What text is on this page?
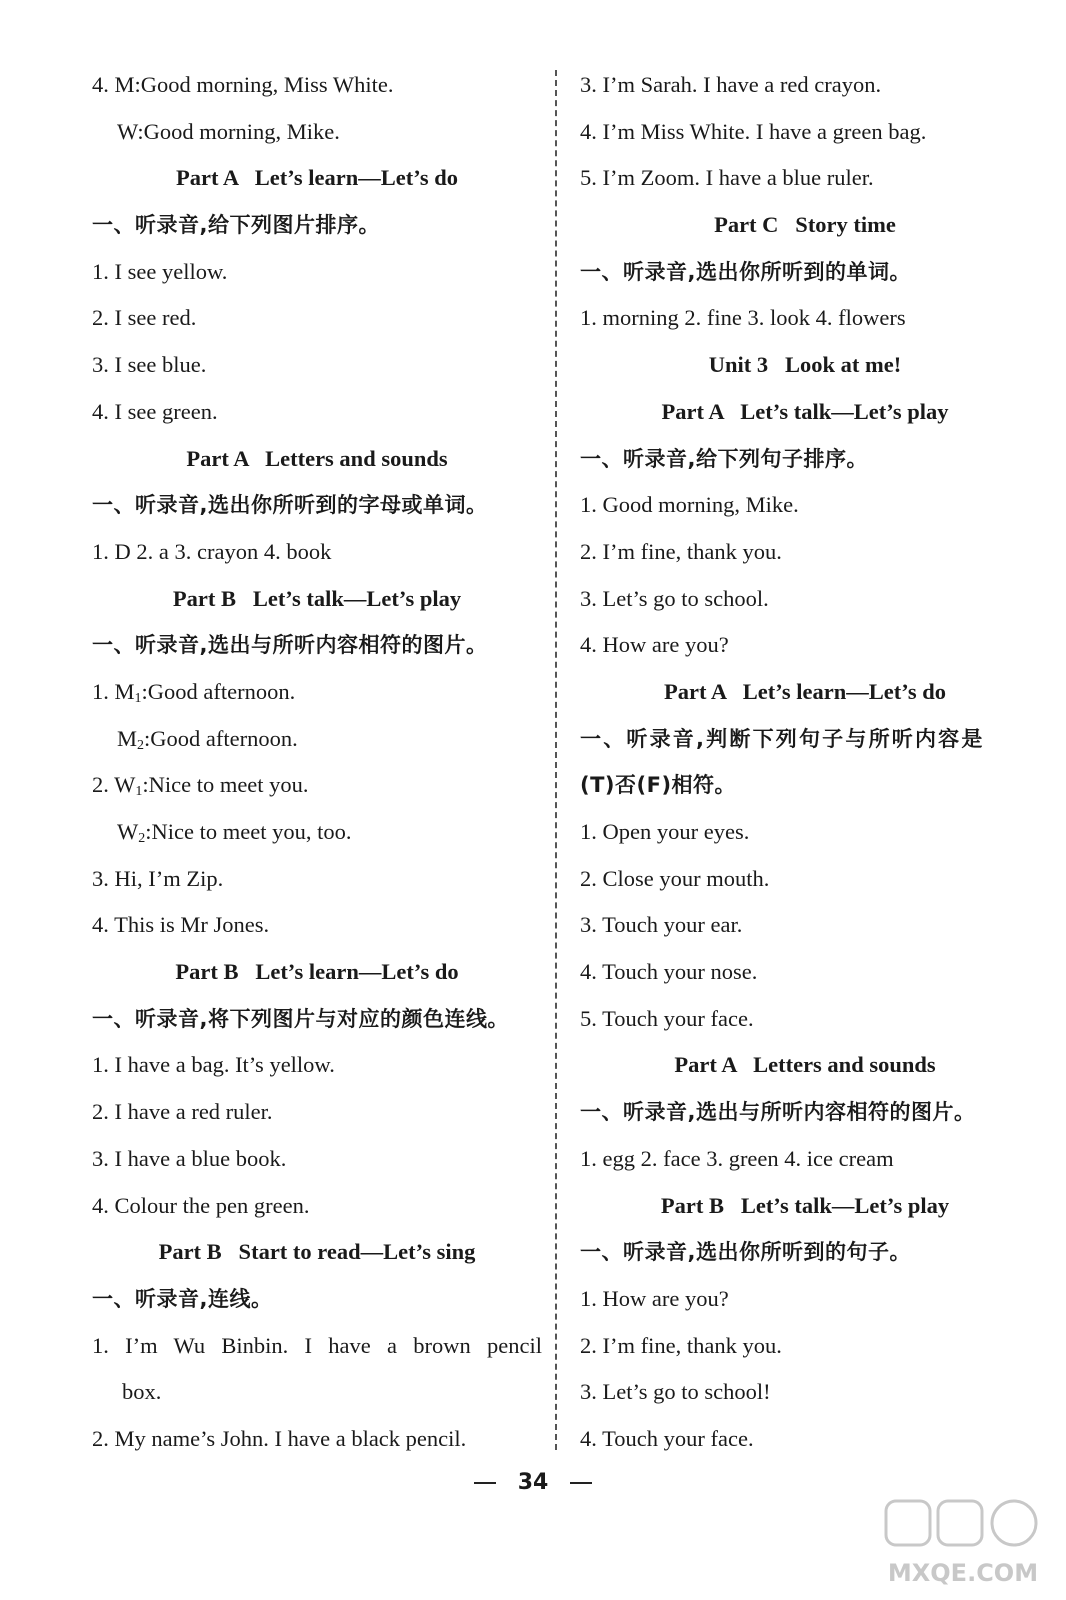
4. M:Good morning, Miss White.
W:Good morning, Mike.
Part A   Let’s learn—Let’s do
一、听录音,给下列图片排序。
1. I see yellow.
2. I see red.
3. I see blue.
4. I see green.
Part A   Letters and sounds
一、听录音,选出你所听到的字母或单词。
1. D 2. a 3. crayon 4. book
Part B   Let’s talk—Let’s play
一、听录音,选出与所听内容相符的图片。
1. $M_1:Good$ afternoon.
$M_2:Good$ afternoon.
2. $W_1:Nice$ to meet you.
$W_2:Nice$ to meet you, too.
3. Hi, I’m Zip.
4. This is Mr Jones.
Part B   Let’s learn—Let’s do
一、听录音,将下列图片与对应的颜色连线。
1. I have a bag. It’s yellow.
2. I have a red ruler.
3. I have a blue book.
4. Colour the pen green.
Part B   Start to read—Let’s sing
一、听录音,连线。
1. I’m Wu Binbin. I have a brown pencil
box.
2. My name’s John. I have a black pencil.
3. I’m Sarah. I have a red crayon.
4. I’m Miss White. I have a green bag.
5. I’m Zoom. I have a blue ruler.
Part C   Story time
一、听录音,选出你所听到的单词。
1. morning 2. fine 3. look 4. flowers
Unit 3   Look at me!
Part A   Let’s talk—Let’s play
一、听录音,给下列句子排序。
1. Good morning, Mike.
2. I’m fine, thank you.
3. Let’s go to school.
4. How are you?
Part A   Let’s learn—Let’s do
一、听录音,判断下列句子与所听内容是
(T)否(F)相符。
1. Open your eyes.
2. Close your mouth.
3. Touch your ear.
4. Touch your nose.
5. Touch your face.
Part A   Letters and sounds
一、听录音,选出与所听内容相符的图片。
1. egg 2. face 3. green 4. ice cream
Part B   Let’s talk—Let’s play
一、听录音,选出你所听到的句子。
1. How are you?
2. I’m fine, thank you.
3. Let’s go to school!
4. Touch your face.
34
MXQE.COM
